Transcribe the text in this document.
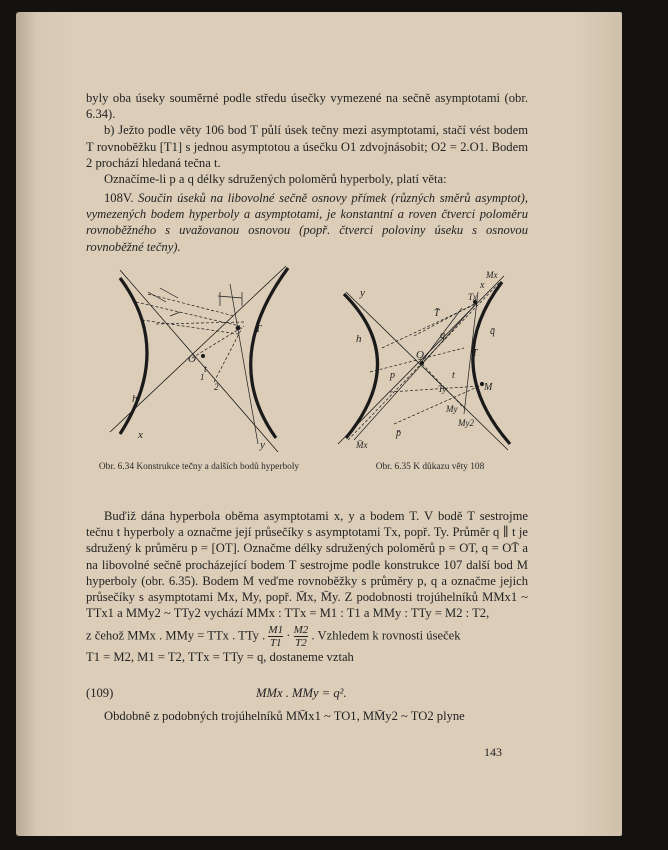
byly oba úseky souměrné podle středu úsečky vymezené na sečně asymptotami (obr. 6.34).

b) Ježto podle věty 106 bod T půlí úsek tečny mezi asymptotami, stačí vést bodem T rovnoběžku [T1] s jednou asymptotou a úsečku O1 zdvojnásobit; O2 = 2.O1. Bodem 2 prochází hledaná tečna t.

Označíme-li p a q délky sdružených poloměrů hyperboly, platí věta:

108V. Součin úseků na libovolné sečně osnovy přímek (různých směrů asymptot), vymezených bodem hyperboly a asymptotami, je konstantní a roven čtverci poloměru rovnoběžného s uvažovanou osnovou (popř. čtverci poloviny úseku s osnovou rovnoběžné tečny).

h
x
y
O
T
t
1
2
y
h
x
Mx
Tx
T̄
q	q̄
O
p	t
T
M
Ty
My
My2
p̄
M̄x
Obr. 6.34 Konstrukce tečny a dalších bodů hyperboly	Obr. 6.35 K důkazu věty 108

Buďiž dána hyperbola oběma asymptotami x, y a bodem T. V bodě T sestrojme tečnu t hyperboly a označme její průsečíky s asymptotami Tx, popř. Ty. Průměr q ∥ t je sdružený k průměru p = [OT]. Označme délky sdružených poloměrů p = OT, q = OT̄ a na libovolné sečně procházející bodem T sestrojme podle konstrukce 107 další bod M hyperboly (obr. 6.35). Bodem M veďme rovnoběžky s průměry p, q a označme jejich průsečíky s asymptotami Mx, My, popř. M̄x, M̄y. Z podobnosti trojúhelníků MMx1 ~ TTx1 a MMy2 ~ TTy2 vychází MMx : TTx = M1 : T1 a MMy : TTy = M2 : T2,

z čehož MMx . MMy = TTx . TTy . $\frac{M1}{T1} \cdot \frac{M2}{T2}$ . Vzhledem k rovnosti úseček

T1 = M2, M1 = T2, TTx = TTy = q, dostaneme vztah

(109)	MMx . MMy = q².

Obdobně z podobných trojúhelníků MM̄x1 ~ TO1, MM̄y2 ~ TO2 plyne

143
